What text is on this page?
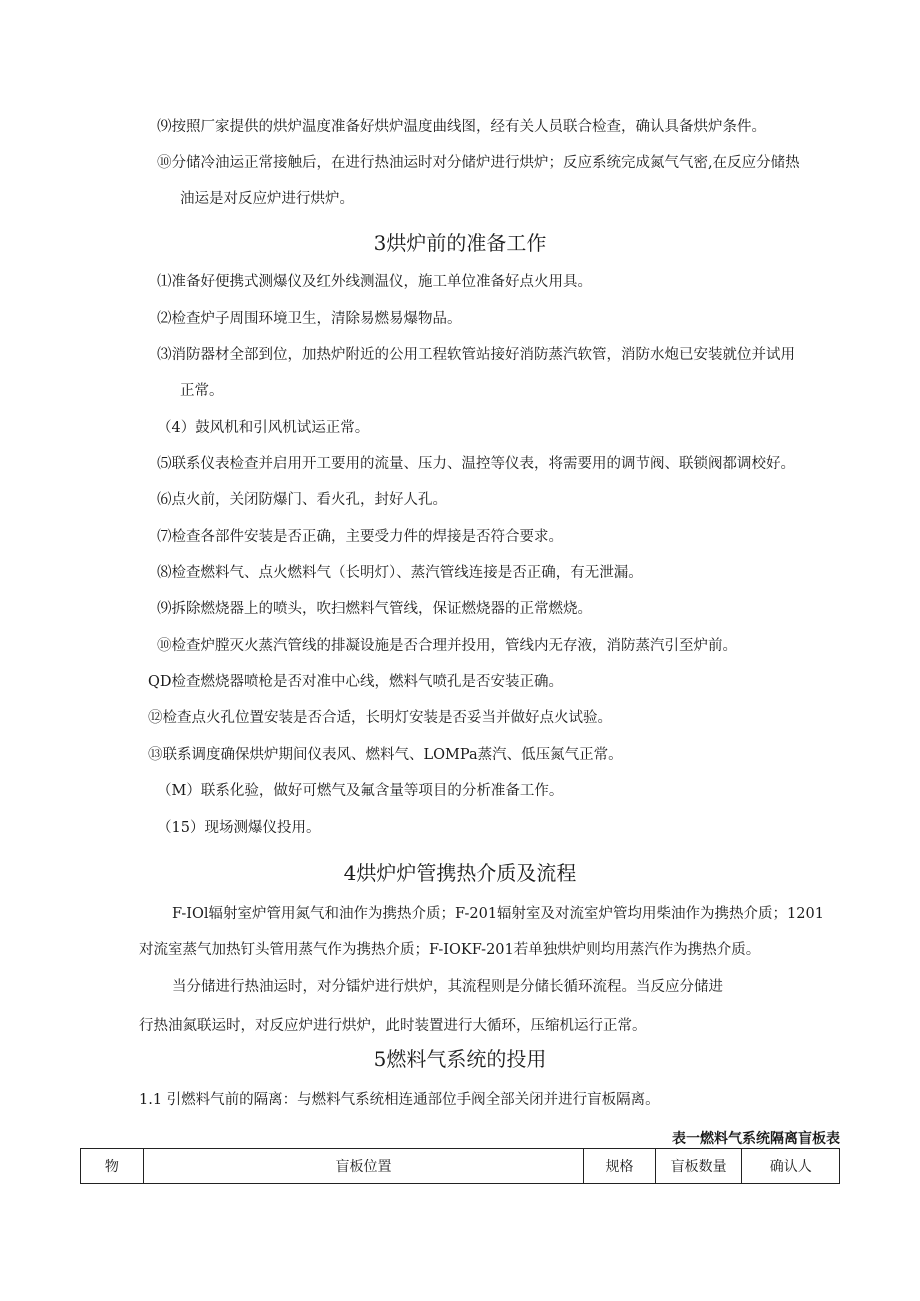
⑼按照厂家提供的烘炉温度准备好烘炉温度曲线图，经有关人员联合检查，确认具备烘炉条件。
⑩分储冷油运正常接触后，在进行热油运时对分储炉进行烘炉；反应系统完成氮气气密,在反应分储热
油运是对反应炉进行烘炉。
3烘炉前的准备工作
⑴准备好便携式测爆仪及红外线测温仪，施工单位准备好点火用具。
⑵检查炉子周围环境卫生，清除易燃易爆物品。
⑶消防器材全部到位，加热炉附近的公用工程软管站接好消防蒸汽软管，消防水炮已安装就位并试用
正常。
（4）鼓风机和引风机试运正常。
⑸联系仪表检查并启用开工要用的流量、压力、温控等仪表，将需要用的调节阀、联锁阀都调校好。
⑹点火前，关闭防爆门、看火孔，封好人孔。
⑺检查各部件安装是否正确，主要受力件的焊接是否符合要求。
⑻检查燃料气、点火燃料气（长明灯）、蒸汽管线连接是否正确，有无泄漏。
⑼拆除燃烧器上的喷头，吹扫燃料气管线，保证燃烧器的正常燃烧。
⑩检查炉膛灭火蒸汽管线的排凝设施是否合理并投用，管线内无存液，消防蒸汽引至炉前。
QD检查燃烧器喷枪是否对准中心线，燃料气喷孔是否安装正确。
⑫检查点火孔位置安装是否合适，长明灯安装是否妥当并做好点火试验。
⑬联系调度确保烘炉期间仪表风、燃料气、LOMPa蒸汽、低压氮气正常。
（M）联系化验，做好可燃气及氟含量等项目的分析准备工作。
（15）现场测爆仪投用。
4烘炉炉管携热介质及流程
F-IOl辐射室炉管用氮气和油作为携热介质；F-201辐射室及对流室炉管均用柴油作为携热介质；1201
对流室蒸气加热钉头管用蒸气作为携热介质；F-IOKF-201若单独烘炉则均用蒸汽作为携热介质。
当分储进行热油运时，对分镭炉进行烘炉，其流程则是分储长循环流程。当反应分储进
行热油氮联运时，对反应炉进行烘炉，此时装置进行大循环，压缩机运行正常。
5燃料气系统的投用
1.1 引燃料气前的隔离：与燃料气系统相连通部位手阀全部关闭并进行盲板隔离。
表一燃料气系统隔离盲板表
物	盲板位置	规格	盲板数量	确认人
